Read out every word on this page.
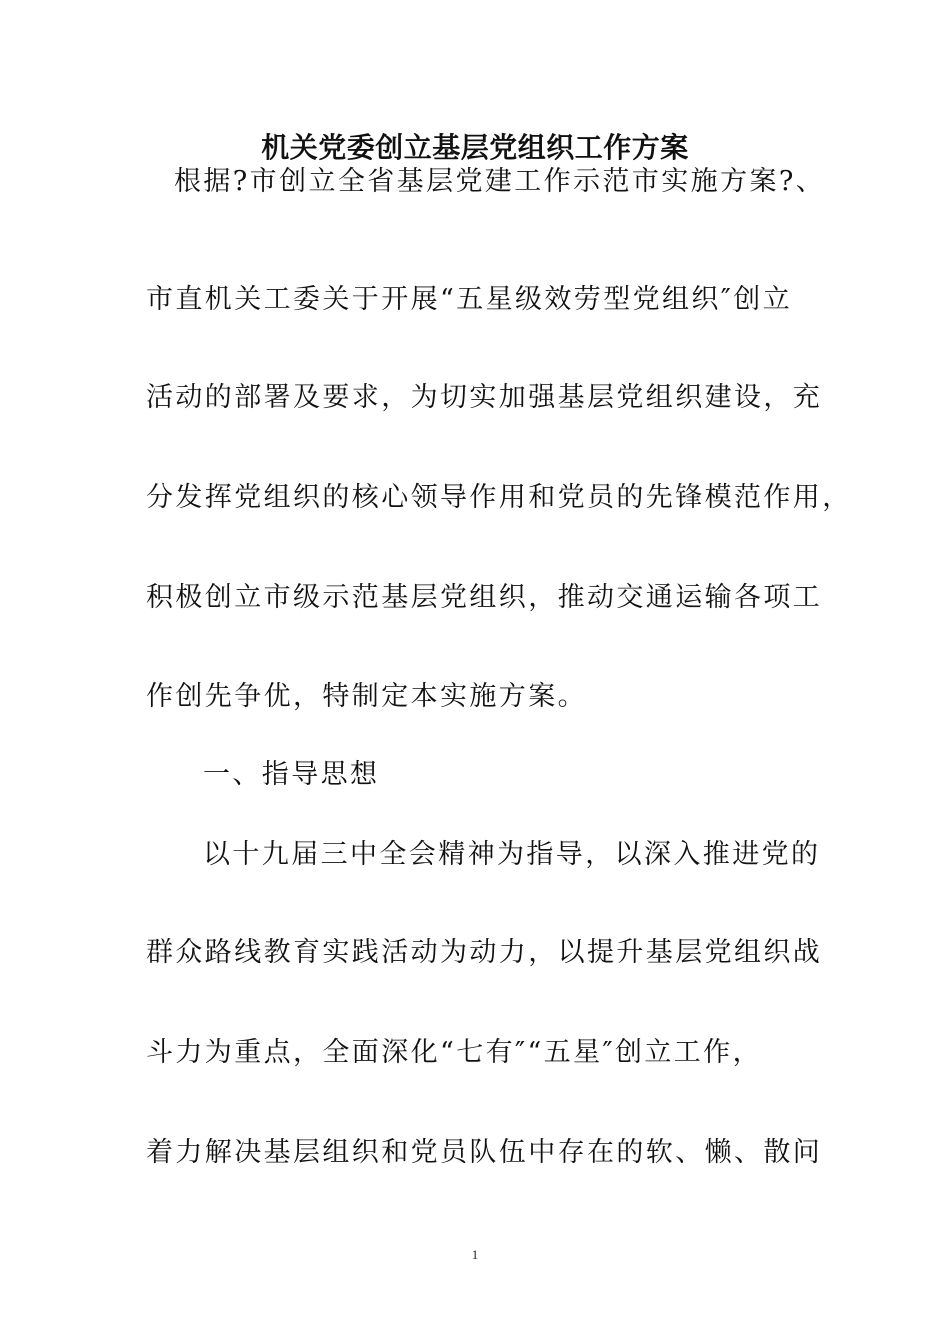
机关党委创立基层党组织工作方案
根据?市创立全省基层党建工作示范市实施方案?、
市直机关工委关于开展“五星级效劳型党组织″创立
活动的部署及要求，为切实加强基层党组织建设，充
分发挥党组织的核心领导作用和党员的先锋模范作用，
积极创立市级示范基层党组织，推动交通运输各项工
作创先争优，特制定本实施方案。
一、指导思想
以十九届三中全会精神为指导，以深入推进党的
群众路线教育实践活动为动力，以提升基层党组织战
斗力为重点，全面深化“七有″“五星″创立工作，
着力解决基层组织和党员队伍中存在的软、懒、散问
1
